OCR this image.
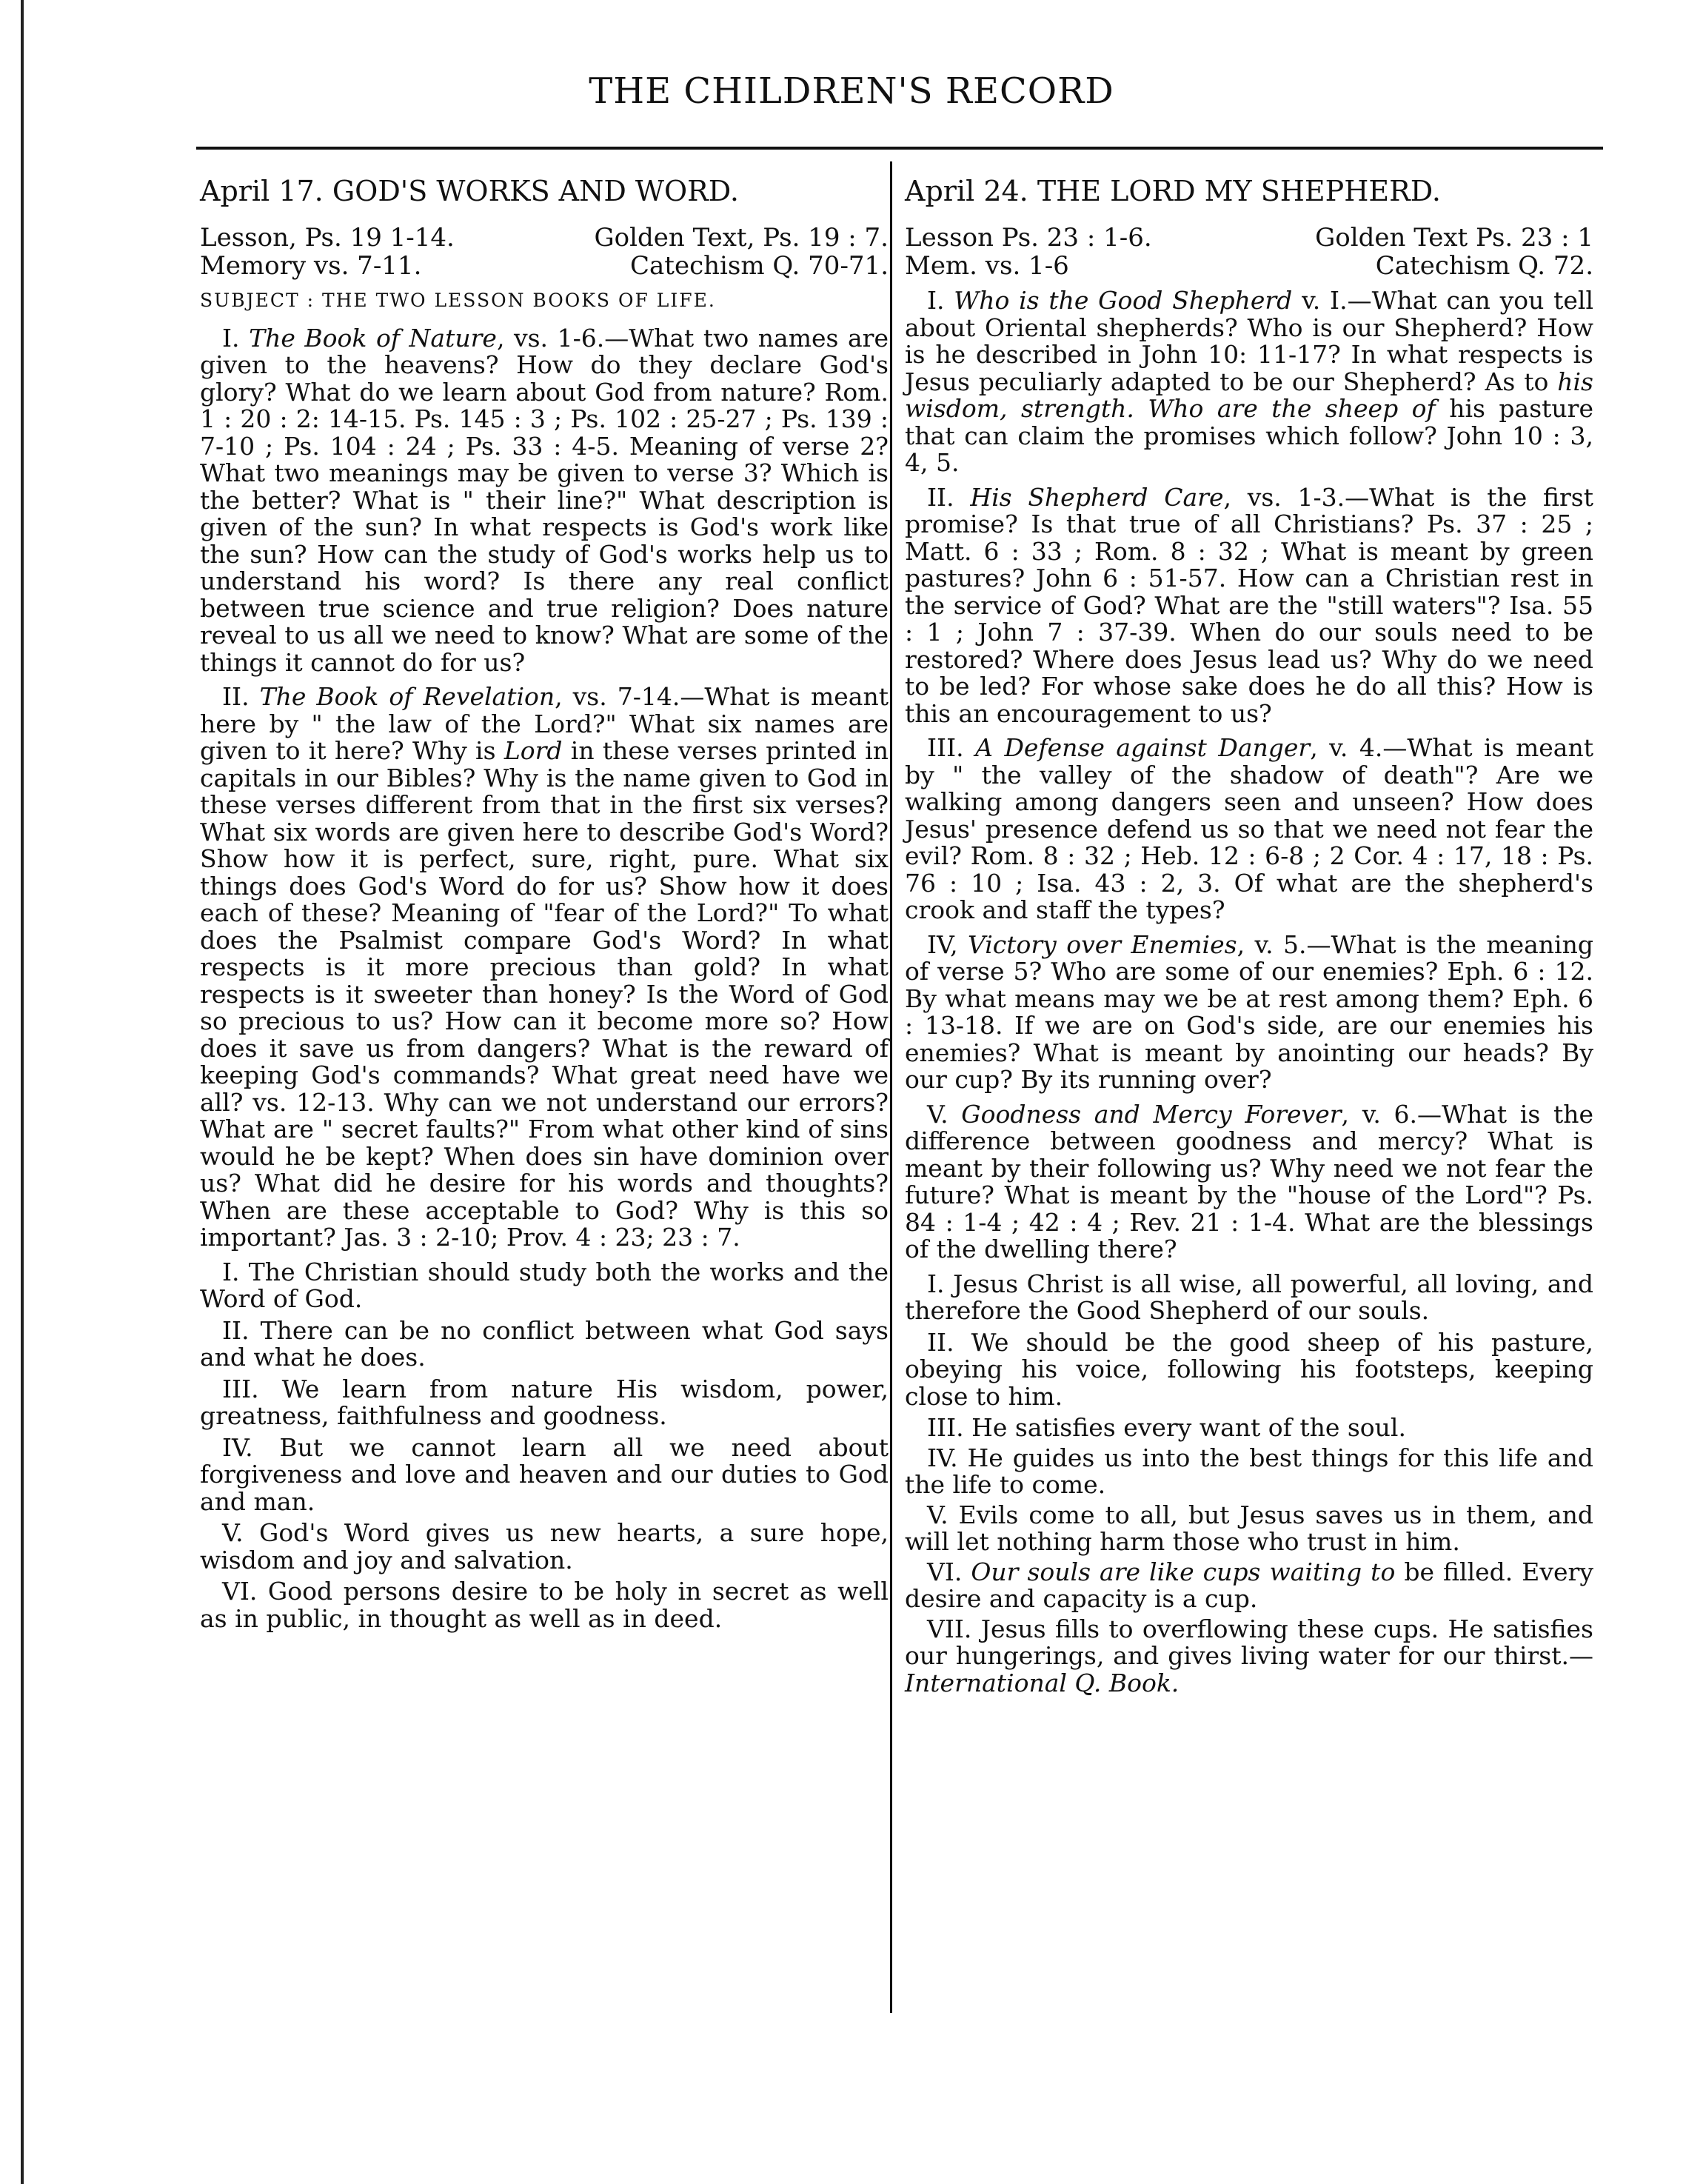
THE CHILDREN'S RECORD
April 17. GOD'S WORKS AND WORD.
Lesson, Ps. 19 1-14.	Golden Text, Ps. 19 : 7.
Memory vs. 7-11.	Catechism Q. 70-71.
SUBJECT : THE TWO LESSON BOOKS OF LIFE.

I. The Book of Nature, vs. 1-6.—What two names are given to the heavens? How do they declare God's glory? What do we learn about God from nature? Rom. 1 : 20 : 2: 14-15. Ps. 145 : 3 ; Ps. 102 : 25-27 ; Ps. 139 : 7-10 ; Ps. 104 : 24 ; Ps. 33 : 4-5. Meaning of verse 2? What two meanings may be given to verse 3? Which is the better? What is " their line?" What description is given of the sun? In what respects is God's work like the sun? How can the study of God's works help us to understand his word? Is there any real conflict between true science and true religion? Does nature reveal to us all we need to know? What are some of the things it cannot do for us?

II. The Book of Revelation, vs. 7-14.—What is meant here by " the law of the Lord?" What six names are given to it here? Why is Lord in these verses printed in capitals in our Bibles? Why is the name given to God in these verses different from that in the first six verses? What six words are given here to describe God's Word? Show how it is perfect, sure, right, pure. What six things does God's Word do for us? Show how it does each of these? Meaning of "fear of the Lord?" To what does the Psalmist compare God's Word? In what respects is it more precious than gold? In what respects is it sweeter than honey? Is the Word of God so precious to us? How can it become more so? How does it save us from dangers? What is the reward of keeping God's commands? What great need have we all? vs. 12-13. Why can we not understand our errors? What are " secret faults?" From what other kind of sins would he be kept? When does sin have dominion over us? What did he desire for his words and thoughts? When are these acceptable to God? Why is this so important? Jas. 3 : 2-10; Prov. 4 : 23; 23 : 7.

I. The Christian should study both the works and the Word of God.

II. There can be no conflict between what God says and what he does.

III. We learn from nature His wisdom, power, greatness, faithfulness and goodness.

IV. But we cannot learn all we need about forgiveness and love and heaven and our duties to God and man.

V. God's Word gives us new hearts, a sure hope, wisdom and joy and salvation.

VI. Good persons desire to be holy in secret as well as in public, in thought as well as in deed.

April 24. THE LORD MY SHEPHERD.
Lesson Ps. 23 : 1-6.	Golden Text Ps. 23 : 1
Mem. vs. 1-6	Catechism Q. 72.

I. Who is the Good Shepherd v. I.—What can you tell about Oriental shepherds? Who is our Shepherd? How is he described in John 10: 11-17? In what respects is Jesus peculiarly adapted to be our Shepherd? As to his wisdom, strength. Who are the sheep of his pasture that can claim the promises which follow? John 10 : 3, 4, 5.

II. His Shepherd Care, vs. 1-3.—What is the first promise? Is that true of all Christians? Ps. 37 : 25 ; Matt. 6 : 33 ; Rom. 8 : 32 ; What is meant by green pastures? John 6 : 51-57. How can a Christian rest in the service of God? What are the "still waters"? Isa. 55 : 1 ; John 7 : 37-39. When do our souls need to be restored? Where does Jesus lead us? Why do we need to be led? For whose sake does he do all this? How is this an encouragement to us?

III. A Defense against Danger, v. 4.—What is meant by " the valley of the shadow of death"? Are we walking among dangers seen and unseen? How does Jesus' presence defend us so that we need not fear the evil? Rom. 8 : 32 ; Heb. 12 : 6-8 ; 2 Cor. 4 : 17, 18 : Ps. 76 : 10 ; Isa. 43 : 2, 3. Of what are the shepherd's crook and staff the types?

IV, Victory over Enemies, v. 5.—What is the meaning of verse 5? Who are some of our enemies? Eph. 6 : 12. By what means may we be at rest among them? Eph. 6 : 13-18. If we are on God's side, are our enemies his enemies? What is meant by anointing our heads? By our cup? By its running over?

V. Goodness and Mercy Forever, v. 6.—What is the difference between goodness and mercy? What is meant by their following us? Why need we not fear the future? What is meant by the "house of the Lord"? Ps. 84 : 1-4 ; 42 : 4 ; Rev. 21 : 1-4. What are the blessings of the dwelling there?

I. Jesus Christ is all wise, all powerful, all loving, and therefore the Good Shepherd of our souls.

II. We should be the good sheep of his pasture, obeying his voice, following his footsteps, keeping close to him.

III. He satisfies every want of the soul.

IV. He guides us into the best things for this life and the life to come.

V. Evils come to all, but Jesus saves us in them, and will let nothing harm those who trust in him.

VI. Our souls are like cups waiting to be filled. Every desire and capacity is a cup.

VII. Jesus fills to overflowing these cups. He satisfies our hungerings, and gives living water for our thirst.—International Q. Book.
